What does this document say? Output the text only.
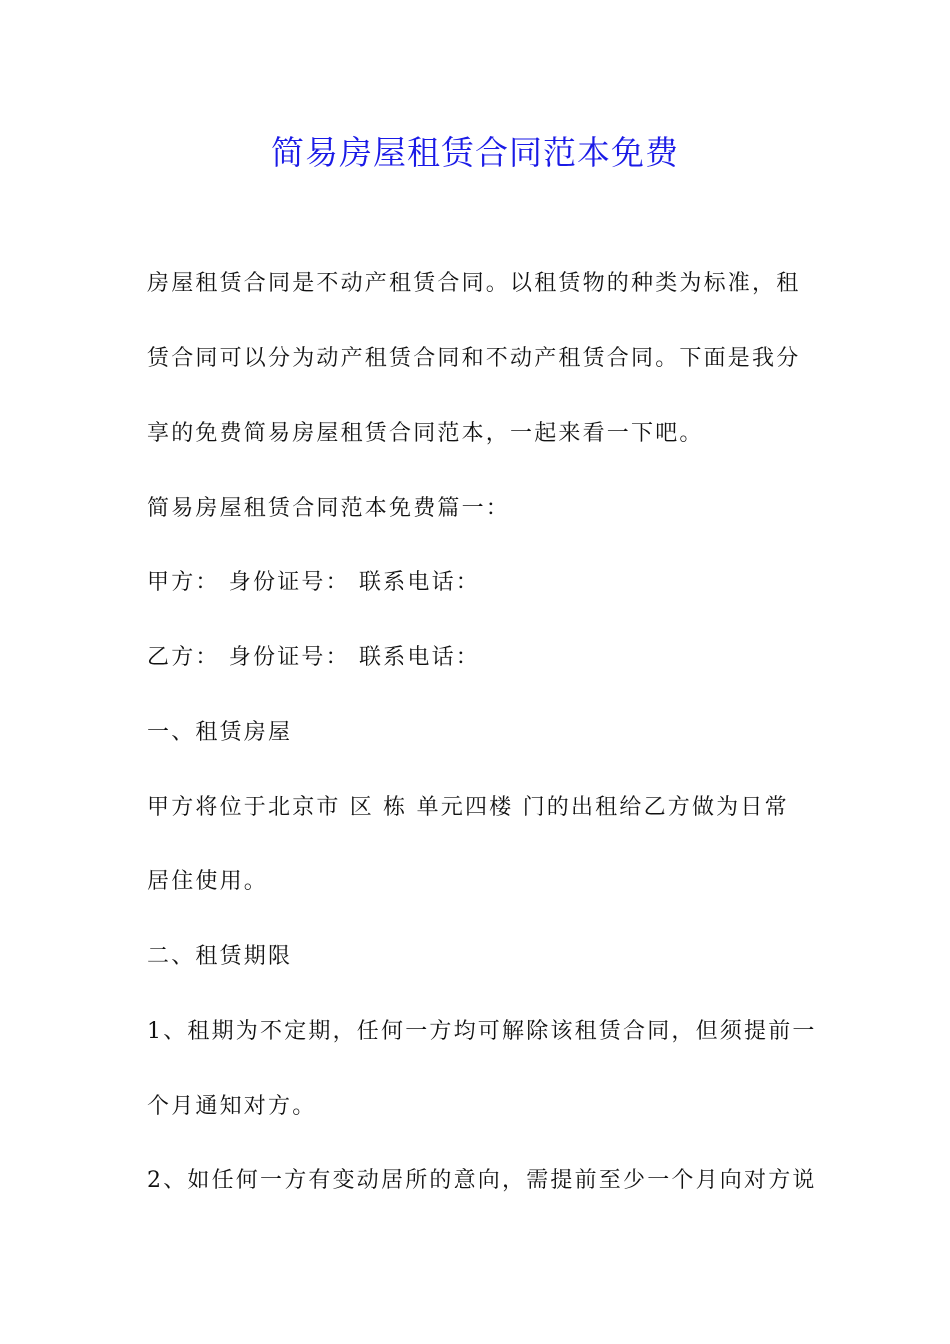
简易房屋租赁合同范本免费

房屋租赁合同是不动产租赁合同。以租赁物的种类为标准，租

赁合同可以分为动产租赁合同和不动产租赁合同。下面是我分

享的免费简易房屋租赁合同范本，一起来看一下吧。

简易房屋租赁合同范本免费篇一：

甲方： 身份证号： 联系电话：

乙方： 身份证号： 联系电话：

一、租赁房屋

甲方将位于北京市 区 栋 单元四楼 门的出租给乙方做为日常

居住使用。

二、租赁期限

1、租期为不定期，任何一方均可解除该租赁合同，但须提前一

个月通知对方。

2、如任何一方有变动居所的意向，需提前至少一个月向对方说
